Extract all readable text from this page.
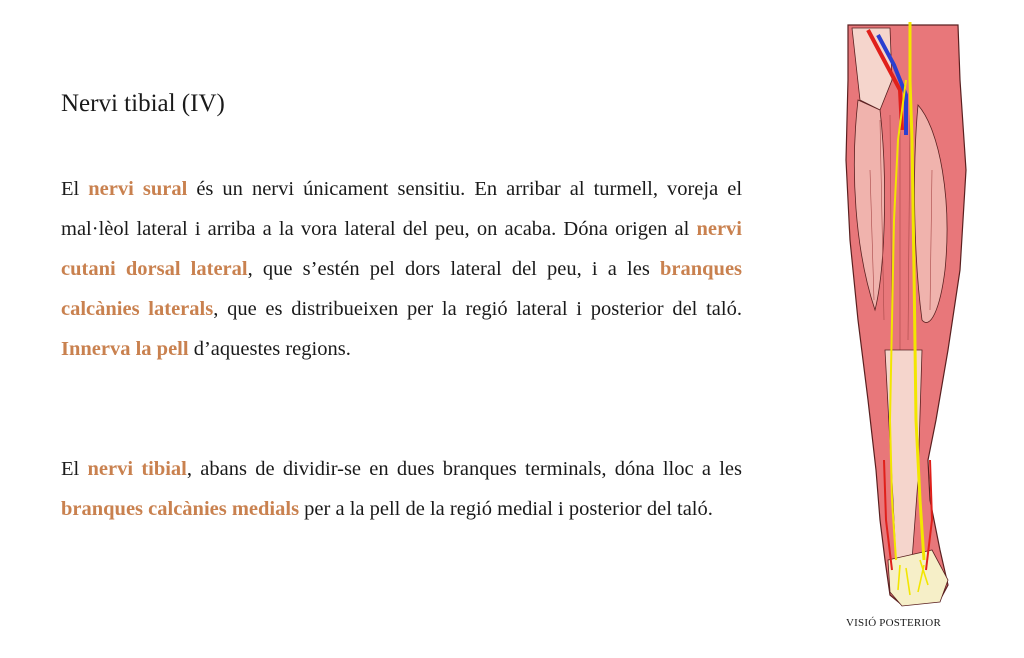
Nervi tibial (IV)

El nervi sural és un nervi únicament sensitiu. En arribar al turmell, voreja el mal·lèol lateral i arriba a la vora lateral del peu, on acaba. Dóna origen al nervi cutani dorsal lateral, que s’estén pel dors lateral del peu, i a les branques calcànies laterals, que es distribueixen per la regió lateral i posterior del taló. Innerva la pell d’aquestes regions.

El nervi tibial, abans de dividir-se en dues branques terminals, dóna lloc a les branques calcànies medials per a la pell de la regió medial i posterior del taló.

VISIÓ POSTERIOR
